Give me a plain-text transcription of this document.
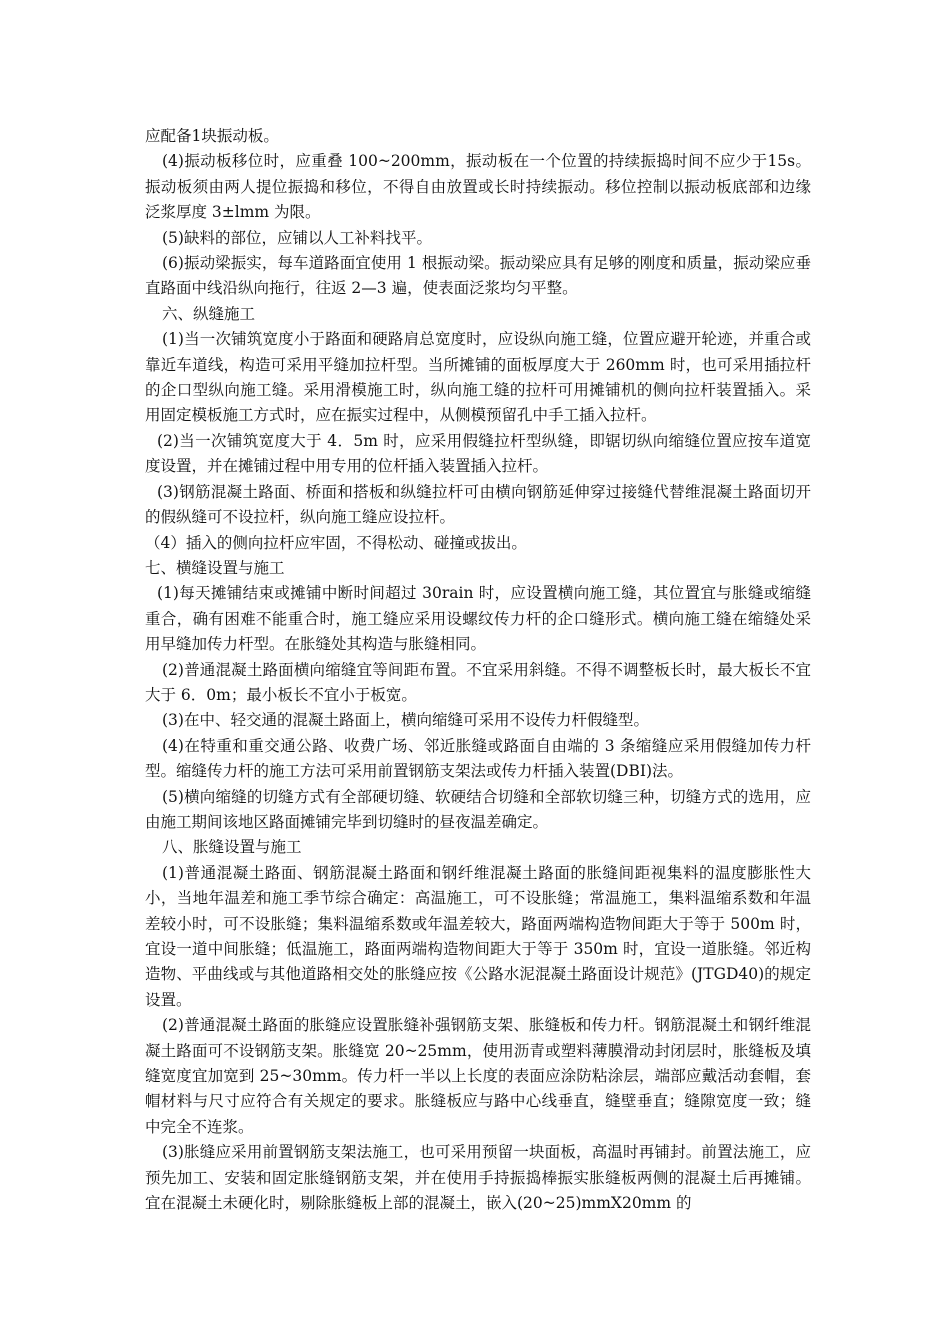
应配备1块振动板。

(4)振动板移位时，应重叠 100~200mm，振动板在一个位置的持续振捣时间不应少于15s。振动板须由两人提位振捣和移位，不得自由放置或长时持续振动。移位控制以振动板底部和边缘泛浆厚度 3±lmm 为限。

(5)缺料的部位，应铺以人工补料找平。

(6)振动梁振实，每车道路面宜使用 1 根振动梁。振动梁应具有足够的刚度和质量，振动梁应垂直路面中线沿纵向拖行，往返 2—3 遍，使表面泛浆均匀平整。

六、纵缝施工

(1)当一次铺筑宽度小于路面和硬路肩总宽度时，应设纵向施工缝，位置应避开轮迹，并重合或靠近车道线，构造可采用平缝加拉杆型。当所摊铺的面板厚度大于 260mm 时，也可采用插拉杆的企口型纵向施工缝。采用滑模施工时，纵向施工缝的拉杆可用摊铺机的侧向拉杆装置插入。采用固定模板施工方式时，应在振实过程中，从侧模预留孔中手工插入拉杆。

(2)当一次铺筑宽度大于 4．5m 时，应采用假缝拉杆型纵缝，即锯切纵向缩缝位置应按车道宽度设置，并在摊铺过程中用专用的位杆插入装置插入拉杆。

(3)钢筋混凝土路面、桥面和搭板和纵缝拉杆可由横向钢筋延伸穿过接缝代替维混凝土路面切开的假纵缝可不设拉杆，纵向施工缝应设拉杆。

（4）插入的侧向拉杆应牢固，不得松动、碰撞或拔出。

七、横缝设置与施工

(1)每天摊铺结束或摊铺中断时间超过 30rain 时，应设置横向施工缝，其位置宜与胀缝或缩缝重合，确有困难不能重合时，施工缝应采用设螺纹传力杆的企口缝形式。横向施工缝在缩缝处采用早缝加传力杆型。在胀缝处其构造与胀缝相同。

(2)普通混凝土路面横向缩缝宜等间距布置。不宜采用斜缝。不得不调整板长时，最大板长不宜大于 6．0m；最小板长不宜小于板宽。

(3)在中、轻交通的混凝土路面上，横向缩缝可采用不设传力杆假缝型。

(4)在特重和重交通公路、收费广场、邻近胀缝或路面自由端的 3 条缩缝应采用假缝加传力杆型。缩缝传力杆的施工方法可采用前置钢筋支架法或传力杆插入装置(DBI)法。

(5)横向缩缝的切缝方式有全部硬切缝、软硬结合切缝和全部软切缝三种，切缝方式的选用，应由施工期间该地区路面摊铺完毕到切缝时的昼夜温差确定。

八、胀缝设置与施工

(1)普通混凝土路面、钢筋混凝土路面和钢纤维混凝土路面的胀缝间距视集料的温度膨胀性大小，当地年温差和施工季节综合确定：高温施工，可不设胀缝；常温施工，集料温缩系数和年温差较小时，可不设胀缝；集料温缩系数或年温差较大，路面两端构造物间距大于等于 500m 时，宜设一道中间胀缝；低温施工，路面两端构造物间距大于等于 350m 时，宜设一道胀缝。邻近构造物、平曲线或与其他道路相交处的胀缝应按《公路水泥混凝土路面设计规范》(JTGD40)的规定设置。

(2)普通混凝土路面的胀缝应设置胀缝补强钢筋支架、胀缝板和传力杆。钢筋混凝土和钢纤维混凝土路面可不设钢筋支架。胀缝宽 20~25mm，使用沥青或塑料薄膜滑动封闭层时，胀缝板及填缝宽度宜加宽到 25~30mm。传力杆一半以上长度的表面应涂防粘涂层，端部应戴活动套帽，套帽材料与尺寸应符合有关规定的要求。胀缝板应与路中心线垂直，缝壁垂直；缝隙宽度一致；缝中完全不连浆。

(3)胀缝应采用前置钢筋支架法施工，也可采用预留一块面板，高温时再铺封。前置法施工，应预先加工、安装和固定胀缝钢筋支架，并在使用手持振捣棒振实胀缝板两侧的混凝土后再摊铺。宜在混凝土未硬化时，剔除胀缝板上部的混凝土，嵌入(20~25)mmX20mm 的
